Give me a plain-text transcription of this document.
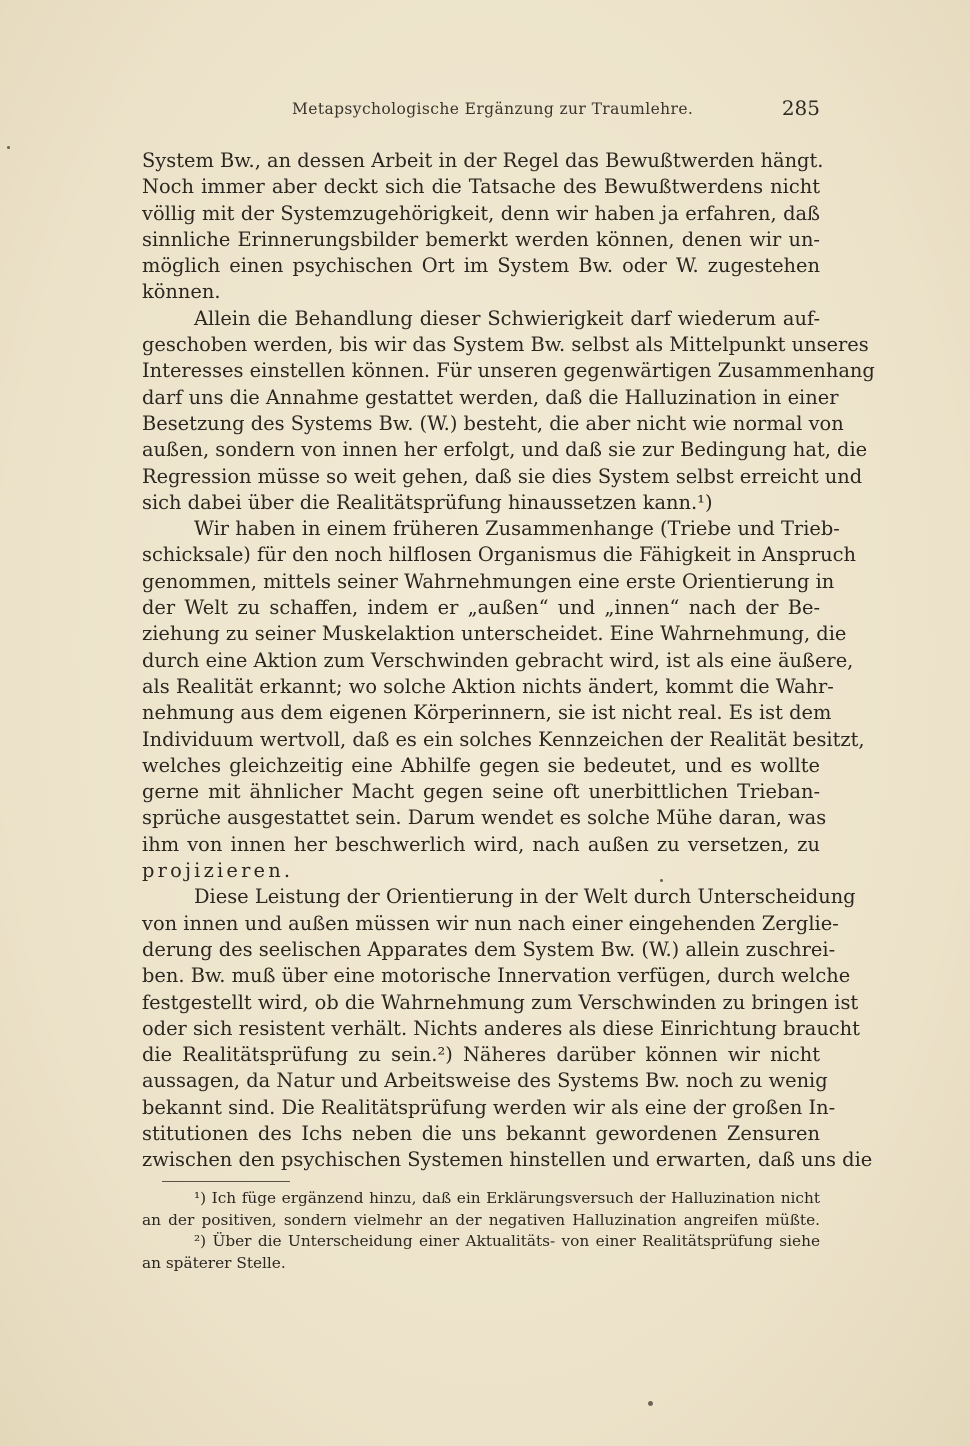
Metapsychologische Ergänzung zur Traumlehre.	285
System Bw., an dessen Arbeit in der Regel das Bewußtwerden hängt.
Noch immer aber deckt sich die Tatsache des Bewußtwerdens nicht
völlig mit der Systemzugehörigkeit, denn wir haben ja erfahren, daß
sinnliche Erinnerungsbilder bemerkt werden können, denen wir un-
möglich einen psychischen Ort im System Bw. oder W. zugestehen
können.
Allein die Behandlung dieser Schwierigkeit darf wiederum auf-
geschoben werden, bis wir das System Bw. selbst als Mittelpunkt unseres
Interesses einstellen können. Für unseren gegenwärtigen Zusammenhang
darf uns die Annahme gestattet werden, daß die Halluzination in einer
Besetzung des Systems Bw. (W.) besteht, die aber nicht wie normal von
außen, sondern von innen her erfolgt, und daß sie zur Bedingung hat, die
Regression müsse so weit gehen, daß sie dies System selbst erreicht und
sich dabei über die Realitätsprüfung hinaussetzen kann.¹)
Wir haben in einem früheren Zusammenhange (Triebe und Trieb-
schicksale) für den noch hilflosen Organismus die Fähigkeit in Anspruch
genommen, mittels seiner Wahrnehmungen eine erste Orientierung in
der Welt zu schaffen, indem er „außen“ und „innen“ nach der Be-
ziehung zu seiner Muskelaktion unterscheidet. Eine Wahrnehmung, die
durch eine Aktion zum Verschwinden gebracht wird, ist als eine äußere,
als Realität erkannt; wo solche Aktion nichts ändert, kommt die Wahr-
nehmung aus dem eigenen Körperinnern, sie ist nicht real. Es ist dem
Individuum wertvoll, daß es ein solches Kennzeichen der Realität besitzt,
welches gleichzeitig eine Abhilfe gegen sie bedeutet, und es wollte
gerne mit ähnlicher Macht gegen seine oft unerbittlichen Trieban-
sprüche ausgestattet sein. Darum wendet es solche Mühe daran, was
ihm von innen her beschwerlich wird, nach außen zu versetzen, zu
projizieren.
Diese Leistung der Orientierung in der Welt durch Unterscheidung
von innen und außen müssen wir nun nach einer eingehenden Zerglie-
derung des seelischen Apparates dem System Bw. (W.) allein zuschrei-
ben. Bw. muß über eine motorische Innervation verfügen, durch welche
festgestellt wird, ob die Wahrnehmung zum Verschwinden zu bringen ist
oder sich resistent verhält. Nichts anderes als diese Einrichtung braucht
die Realitätsprüfung zu sein.²) Näheres darüber können wir nicht
aussagen, da Natur und Arbeitsweise des Systems Bw. noch zu wenig
bekannt sind. Die Realitätsprüfung werden wir als eine der großen In-
stitutionen des Ichs neben die uns bekannt gewordenen Zensuren
zwischen den psychischen Systemen hinstellen und erwarten, daß uns die
¹) Ich füge ergänzend hinzu, daß ein Erklärungsversuch der Halluzination nicht
an der positiven, sondern vielmehr an der negativen Halluzination angreifen müßte.
²) Über die Unterscheidung einer Aktualitäts- von einer Realitätsprüfung siehe
an späterer Stelle.
